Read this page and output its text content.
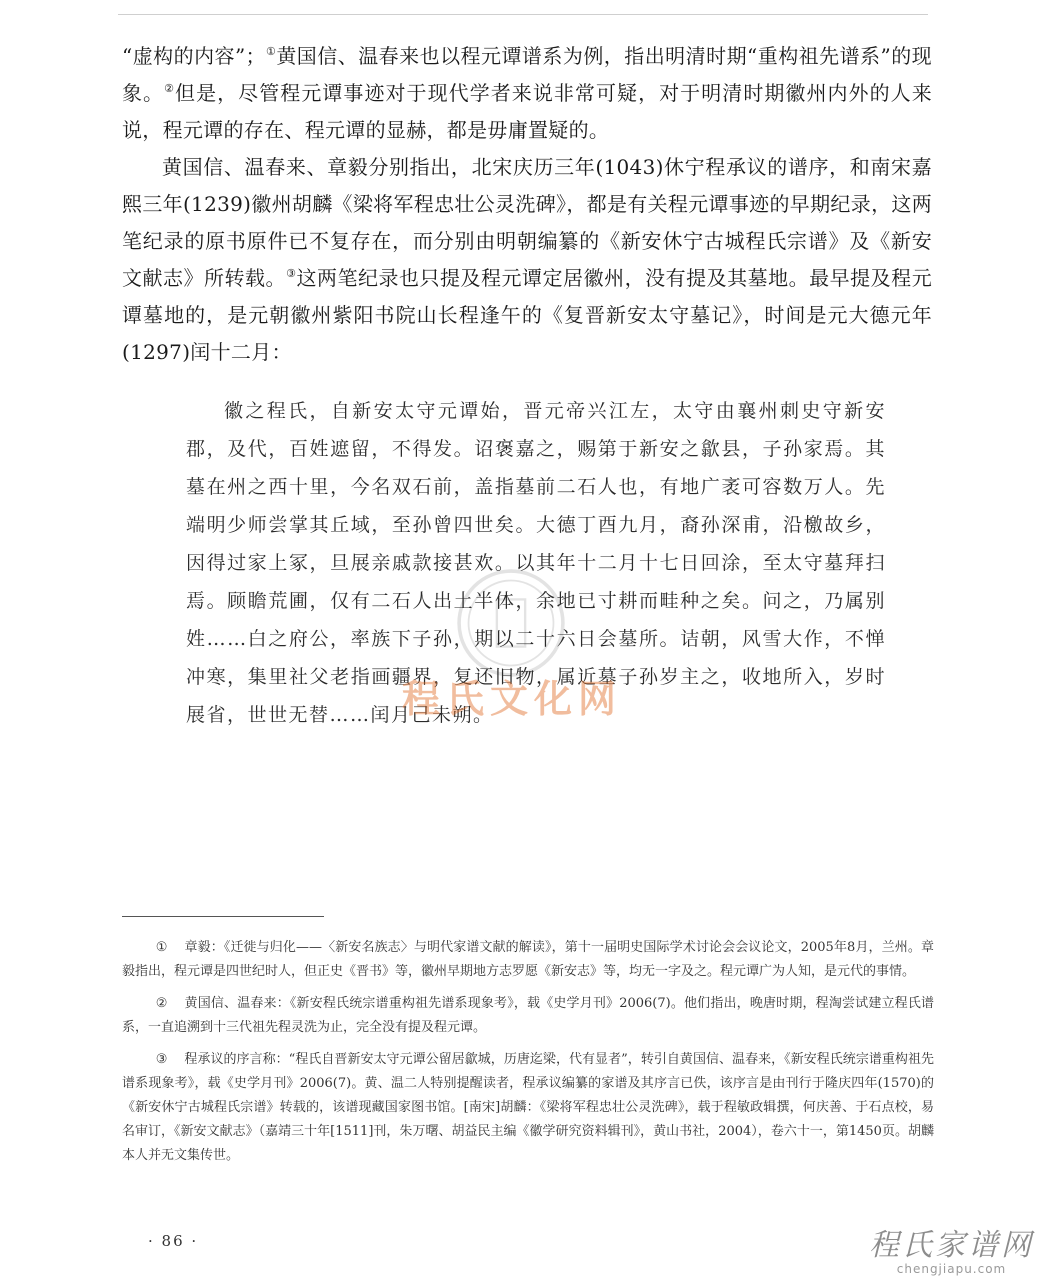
“虚构的内容”；①黄国信、温春来也以程元谭谱系为例，指出明清时期“重构祖先谱系”的现象。②但是，尽管程元谭事迹对于现代学者来说非常可疑，对于明清时期徽州内外的人来说，程元谭的存在、程元谭的显赫，都是毋庸置疑的。

黄国信、温春来、章毅分别指出，北宋庆历三年(1043)休宁程承议的谱序，和南宋嘉熙三年(1239)徽州胡麟《梁将军程忠壮公灵洗碑》，都是有关程元谭事迹的早期纪录，这两笔纪录的原书原件已不复存在，而分别由明朝编纂的《新安休宁古城程氏宗谱》及《新安文献志》所转载。③这两笔纪录也只提及程元谭定居徽州，没有提及其墓地。最早提及程元谭墓地的，是元朝徽州紫阳书院山长程逢午的《复晋新安太守墓记》，时间是元大德元年(1297)闰十二月：

徽之程氏，自新安太守元谭始，晋元帝兴江左，太守由襄州刺史守新安郡，及代，百姓遮留，不得发。诏褒嘉之，赐第于新安之歙县，子孙家焉。其墓在州之西十里，今名双石前，盖指墓前二石人也，有地广袤可容数万人。先端明少师尝掌其丘域，至孙曾四世矣。大德丁酉九月，裔孙深甫，沿檄故乡，因得过家上冢，旦展亲戚款接甚欢。以其年十二月十七日回涂，至太守墓拜扫焉。顾瞻荒圃，仅有二石人出土半体，余地已寸耕而畦种之矣。问之，乃属别姓……白之府公，率族下子孙，期以二十六日会墓所。诘朝，风雪大作，不惮冲寒，集里社父老指画疆界，复还旧物，属近墓子孙岁主之，收地所入，岁时展省，世世无替……闰月己未朔。

程氏文化网

① 章毅：《迁徙与归化——〈新安名族志〉与明代家谱文献的解读》，第十一届明史国际学术讨论会会议论文，2005年8月，兰州。章毅指出，程元谭是四世纪时人，但正史《晋书》等，徽州早期地方志罗愿《新安志》等，均无一字及之。程元谭广为人知，是元代的事情。

② 黄国信、温春来：《新安程氏统宗谱重构祖先谱系现象考》，载《史学月刊》2006(7)。他们指出，晚唐时期，程淘尝试建立程氏谱系，一直追溯到十三代祖先程灵洗为止，完全没有提及程元谭。

③ 程承议的序言称：“程氏自晋新安太守元谭公留居歙城，历唐迄梁，代有显者”，转引自黄国信、温春来，《新安程氏统宗谱重构祖先谱系现象考》，载《史学月刊》2006(7)。黄、温二人特别提醒读者，程承议编纂的家谱及其序言已佚，该序言是由刊行于隆庆四年(1570)的《新安休宁古城程氏宗谱》转载的，该谱现藏国家图书馆。[南宋]胡麟：《梁将军程忠壮公灵洗碑》，载于程敏政辑撰，何庆善、于石点校，易名审订，《新安文献志》（嘉靖三十年[1511]刊，朱万曙、胡益民主编《徽学研究资料辑刊》，黄山书社，2004），卷六十一，第1450页。胡麟本人并无文集传世。

· 86 ·	程氏家谱网
chengjiapu.com
